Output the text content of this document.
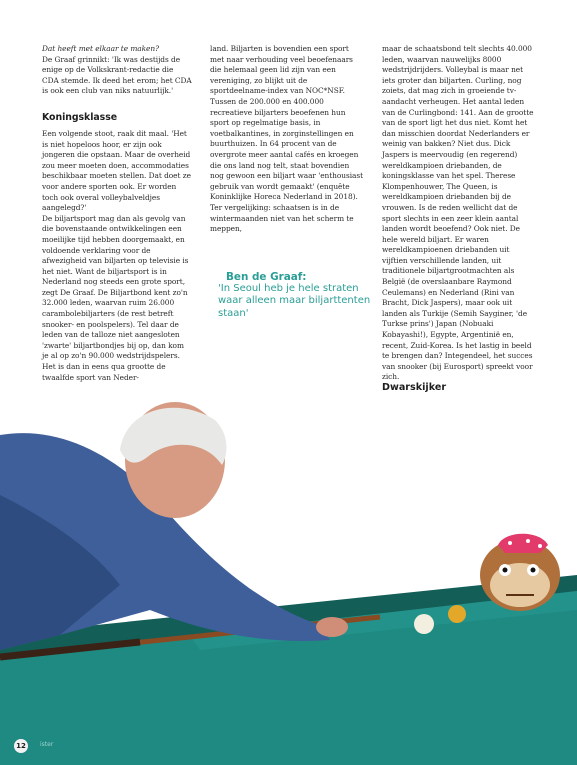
Dat heeft met elkaar te maken?

De Graaf grinnikt: 'Ik was destijds de enige op de Volkskrant-redactie die CDA stemde. Ik deed het erom; het CDA is ook een club van niks natuurlijk.'

Koningsklasse

Een volgende stoot, raak dit maal. 'Het is niet hopeloos hoor, er zijn ook jongeren die opstaan. Maar de overheid zou meer moeten doen, accommodaties beschikbaar moeten stellen. Dat doet ze voor andere sporten ook. Er worden toch ook overal volleybalveldjes aangelegd?'

De biljartsport mag dan als gevolg van die bovenstaande ontwikkelingen een moeilijke tijd hebben doorgemaakt, en voldoende verklaring voor de afwezigheid van biljarten op televisie is het niet. Want de biljartsport is in Nederland nog steeds een grote sport, zegt De Graaf. De Biljartbond kent zo'n 32.000 leden, waarvan ruim 26.000 carambolebiljarters (de rest betreft snooker- en poolspelers). Tel daar de leden van de talloze niet aangesloten 'zwarte' biljartbondjes bij op, dan kom je al op zo'n 90.000 wedstrijdspelers. Het is dan in eens qua grootte de twaalfde sport van Neder-

land. Biljarten is bovendien een sport met naar verhouding veel beoefenaars die helemaal geen lid zijn van een vereniging, zo blijkt uit de sportdeelname-index van NOC*NSF. Tussen de 200.000 en 400.000 recreatieve biljarters beoefenen hun sport op regelmatige basis, in voetbalkantines, in zorginstellingen en buurthuizen. In 64 procent van de overgrote meer aantal cafés en kroegen die ons land nog telt, staat bovendien nog gewoon een biljart waar 'enthousiast gebruik van wordt gemaakt' (enquête Koninklijke Horeca Nederland in 2018). Ter vergelijking: schaatsen is in de wintermaanden niet van het scherm te meppen,

Ben de Graaf:
'In Seoul heb je hele straten waar alleen maar biljarttenten staan'

maar de schaatsbond telt slechts 40.000 leden, waarvan nauwelijks 8000 wedstrijdrijders. Volleybal is maar net iets groter dan biljarten. Curling, nog zoiets, dat mag zich in groeiende tv-aandacht verheugen. Het aantal leden van de Curlingbond: 141. Aan de grootte van de sport ligt het dus niet. Komt het dan misschien doordat Nederlanders er weinig van bakken? Niet dus. Dick Jaspers is meervoudig (en regerend) wereldkampioen driebanden, de koningsklasse van het spel. Therese Klompenhouwer, The Queen, is wereldkampioen driebanden bij de vrouwen. Is de reden wellicht dat de sport slechts in een zeer klein aantal landen wordt beoefend? Ook niet. De hele wereld biljart. Er waren wereldkampioenen driebanden uit vijftien verschillende landen, uit traditionele biljartgrootmachten als België (de overslaanbare Raymond Ceulemans) en Nederland (Rini van Bracht, Dick Jaspers), maar ook uit landen als Turkije (Semih Sayginer, 'de Turkse prins') Japan (Nobuaki Kobayashi!), Egypte, Argentinië en, recent, Zuid-Korea. Is het lastig in beeld te brengen dan? Integendeel, het succes van snooker (bij Eurosport) spreekt voor zich.

Dwarskijker

De Graaf heeft de verklaring ook al paraat. 'Toen ik bij Studio Sport werkte, dachten ze waarschijnlijk ha, ha, zij is we van het biljarten af. De meeste mensen vinden het natuurlijk een saaie en oubollige sport. Zie wordt gekozen voor makkelijke sporten. Dan is het wel: voetbal, schaatsen, een beetje wielrennen. Dan is de massa tevreden. De publieke omroep verwaarloost zijn taak, hij zou een representatief

12	ister
